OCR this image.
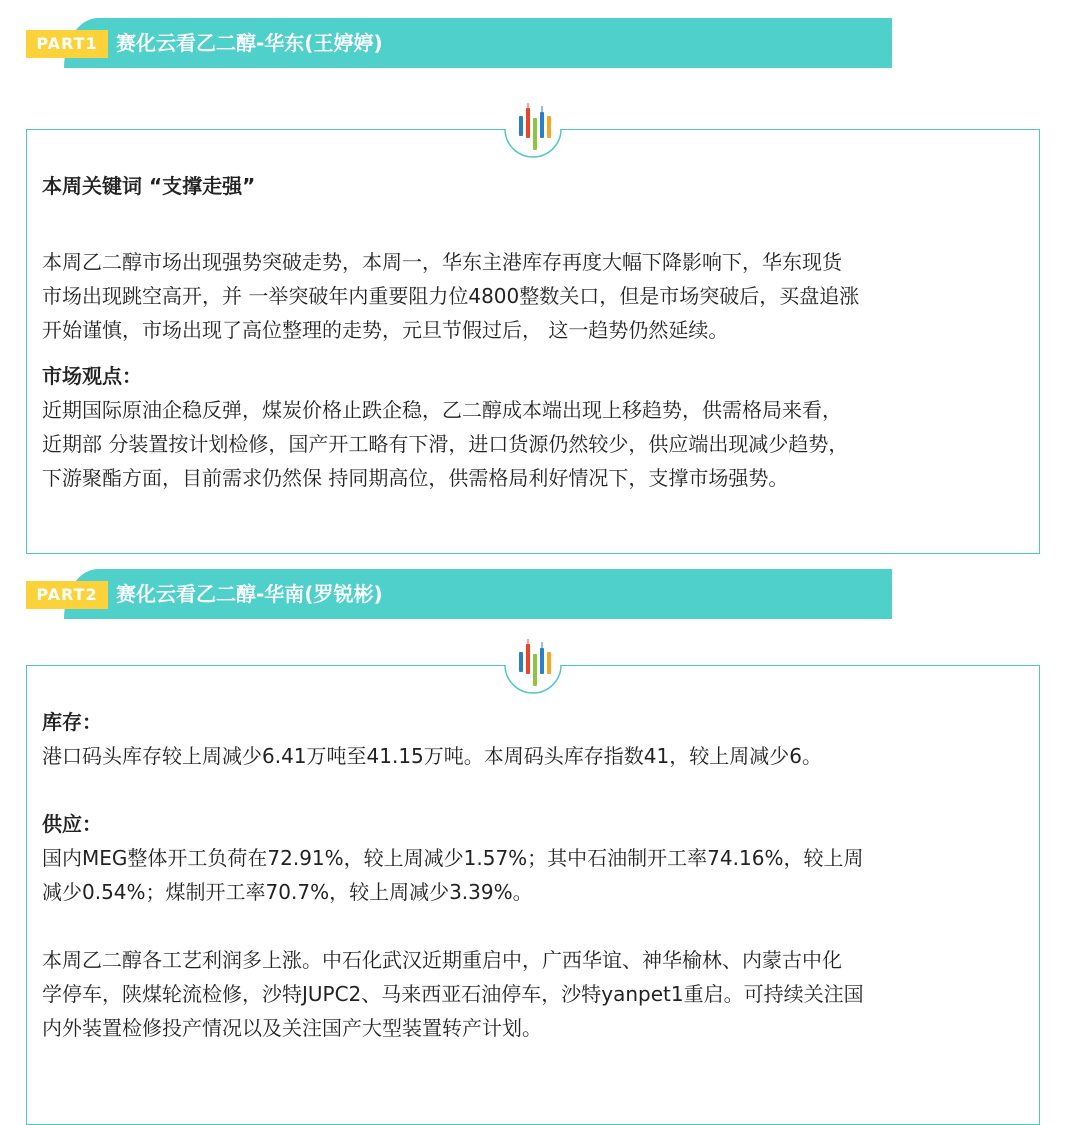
PART1 赛化云看乙二醇-华东(王婷婷)

本周关键词 “支撑走强”

本周乙二醇市场出现强势突破走势，本周一，华东主港库存再度大幅下降影响下，华东现货

市场出现跳空高开，并 一举突破年内重要阻力位4800整数关口，但是市场突破后，买盘追涨

开始谨慎，市场出现了高位整理的走势，元旦节假过后， 这一趋势仍然延续。

市场观点：

近期国际原油企稳反弹，煤炭价格止跌企稳，乙二醇成本端出现上移趋势，供需格局来看，

近期部 分装置按计划检修，国产开工略有下滑，进口货源仍然较少，供应端出现减少趋势，

下游聚酯方面，目前需求仍然保 持同期高位，供需格局利好情况下，支撑市场强势。

PART2 赛化云看乙二醇-华南(罗锐彬)

库存：

港口码头库存较上周减少6.41万吨至41.15万吨。本周码头库存指数41，较上周减少6。

供应：

国内MEG整体开工负荷在72.91%，较上周减少1.57%；其中石油制开工率74.16%，较上周

减少0.54%；煤制开工率70.7%，较上周减少3.39%。

本周乙二醇各工艺利润多上涨。中石化武汉近期重启中，广西华谊、神华榆林、内蒙古中化

学停车，陕煤轮流检修，沙特JUPC2、马来西亚石油停车，沙特yanpet1重启。可持续关注国

内外装置检修投产情况以及关注国产大型装置转产计划。
